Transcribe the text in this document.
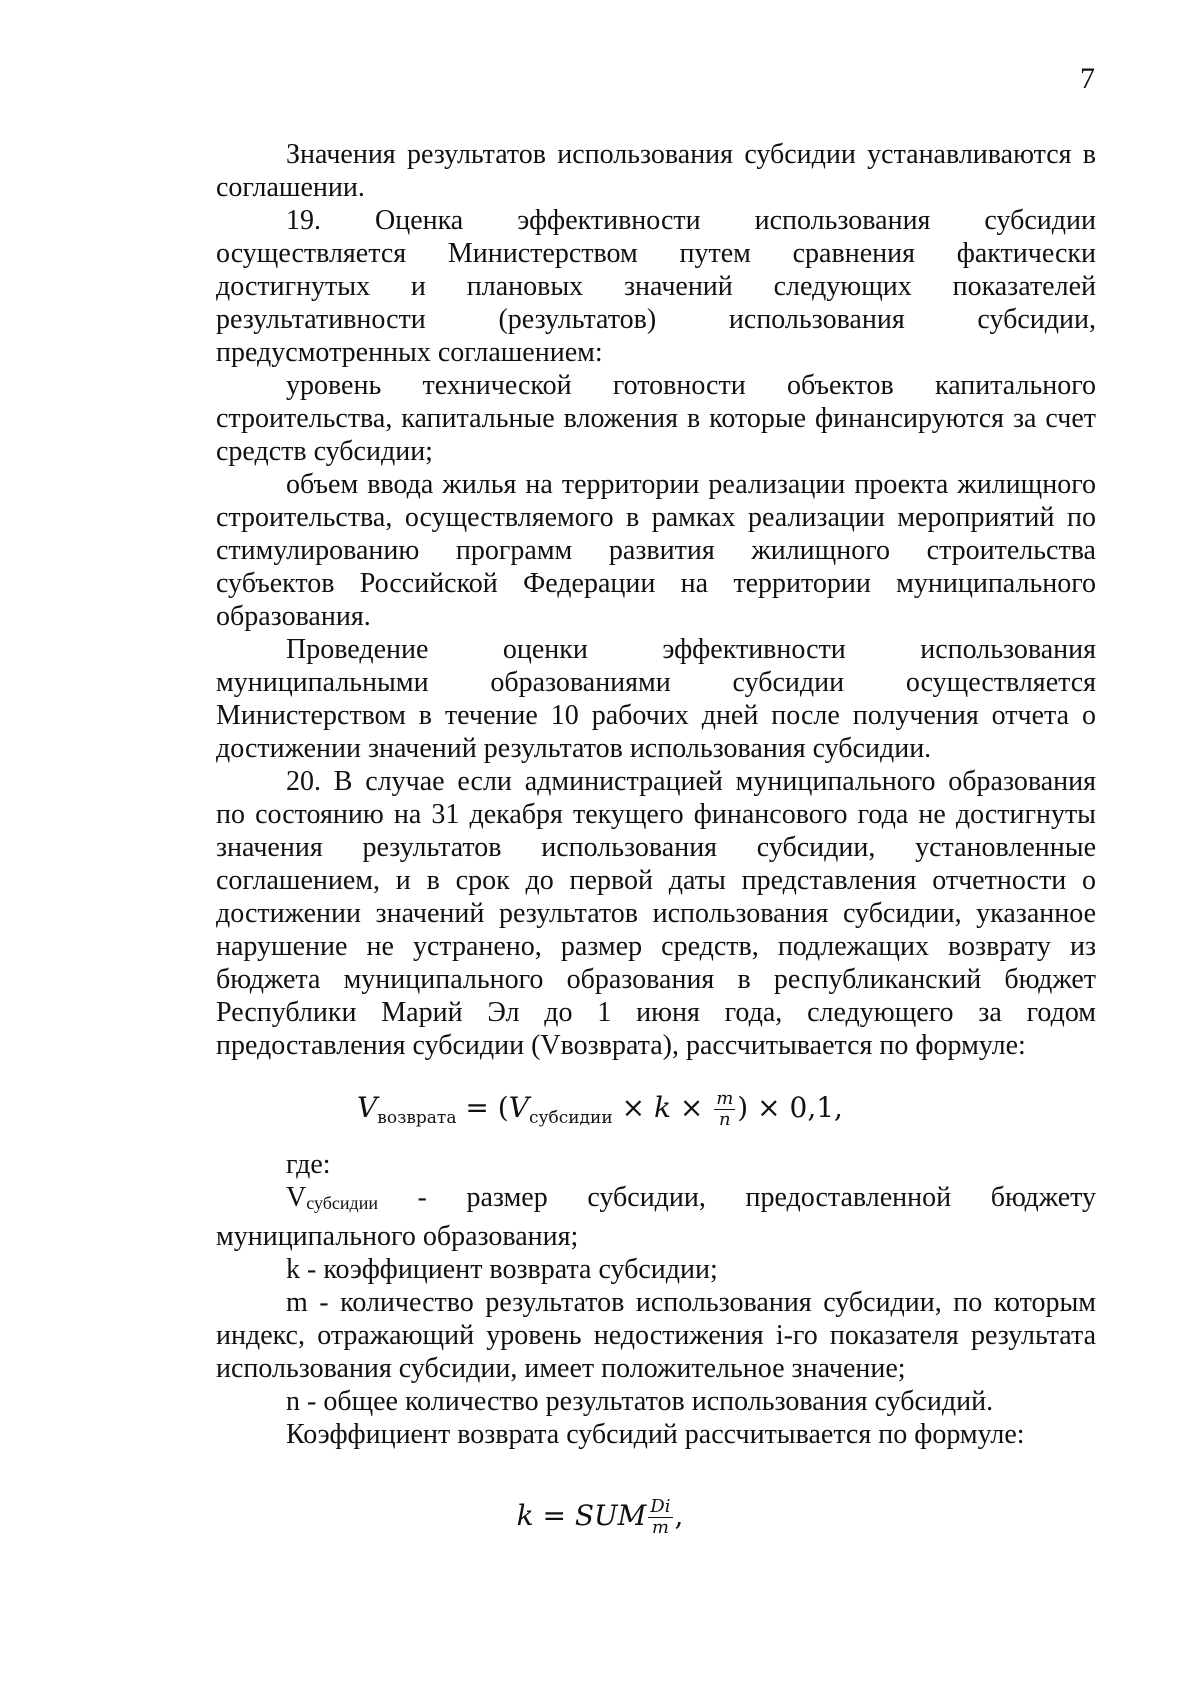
7

Значения результатов использования субсидии устанавливаются в соглашении.

19. Оценка эффективности использования субсидии осуществляется Министерством путем сравнения фактически достигнутых и плановых значений следующих показателей результативности (результатов) использования субсидии, предусмотренных соглашением:

уровень технической готовности объектов капитального строительства, капитальные вложения в которые финансируются за счет средств субсидии;

объем ввода жилья на территории реализации проекта жилищного строительства, осуществляемого в рамках реализации мероприятий по стимулированию программ развития жилищного строительства субъектов Российской Федерации на территории муниципального образования.

Проведение оценки эффективности использования муниципальными образованиями субсидии осуществляется Министерством в течение 10 рабочих дней после получения отчета о достижении значений результатов использования субсидии.

20. В случае если администрацией муниципального образования по состоянию на 31 декабря текущего финансового года не достигнуты значения результатов использования субсидии, установленные соглашением, и в срок до первой даты представления отчетности о достижении значений результатов использования субсидии, указанное нарушение не устранено, размер средств, подлежащих возврату из бюджета муниципального образования в республиканский бюджет Республики Марий Эл до 1 июня года, следующего за годом предоставления субсидии (Vвозврата), рассчитывается по формуле:

$V_{возврата} = (V_{субсидии} \times k \times \frac{m}{n}$ ) × 0,1,

где:

Vсубсидии - размер субсидии, предоставленной бюджету муниципального образования;

k - коэффициент возврата субсидии;

m - количество результатов использования субсидии, по которым индекс, отражающий уровень недостижения i-го показателя результата использования субсидии, имеет положительное значение;

n - общее количество результатов использования субсидий.

Коэффициент возврата субсидий рассчитывается по формуле:

k = SUM $\frac{Di}{m}$ ,
